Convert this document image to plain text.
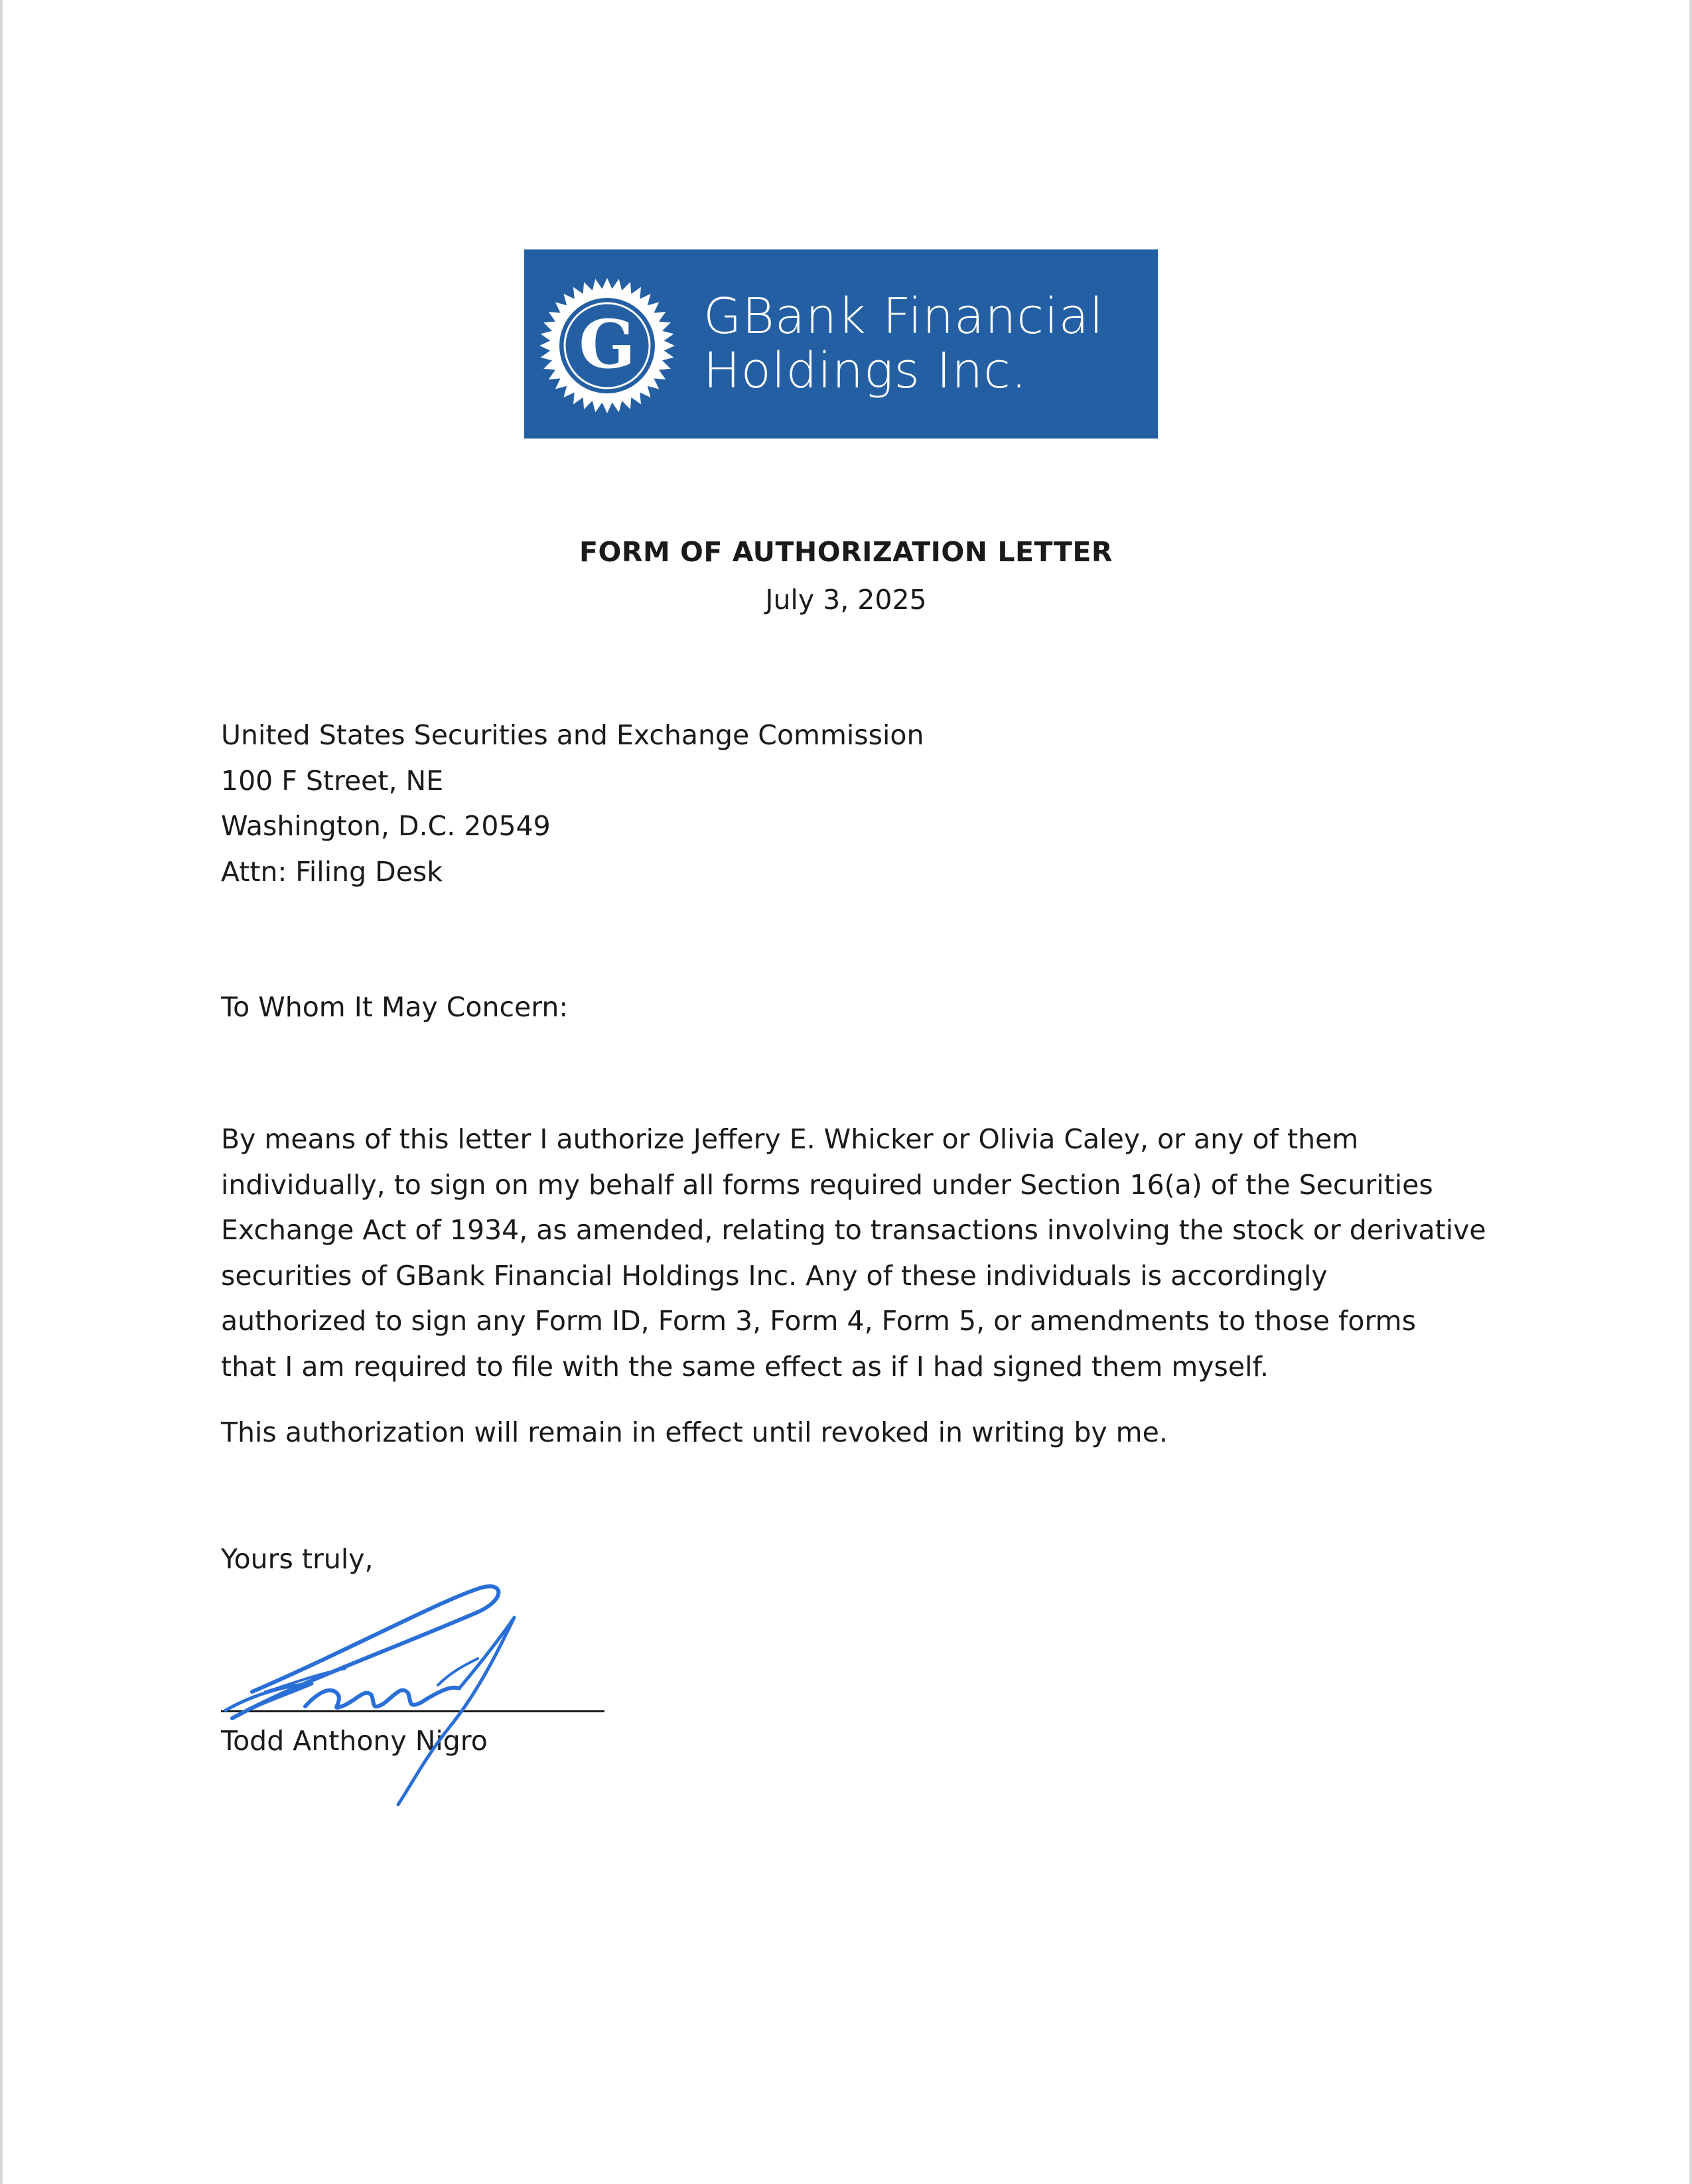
G GBank Financial
Holdings Inc.
FORM OF AUTHORIZATION LETTER
July 3, 2025
United States Securities and Exchange Commission
100 F Street, NE
Washington, D.C. 20549
Attn: Filing Desk
To Whom It May Concern:
By means of this letter I authorize Jeffery E. Whicker or Olivia Caley, or any of them
individually, to sign on my behalf all forms required under Section 16(a) of the Securities
Exchange Act of 1934, as amended, relating to transactions involving the stock or derivative
securities of GBank Financial Holdings Inc. Any of these individuals is accordingly
authorized to sign any Form ID, Form 3, Form 4, Form 5, or amendments to those forms
that I am required to file with the same effect as if I had signed them myself.
This authorization will remain in effect until revoked in writing by me.
Yours truly,
Todd Anthony Nigro
